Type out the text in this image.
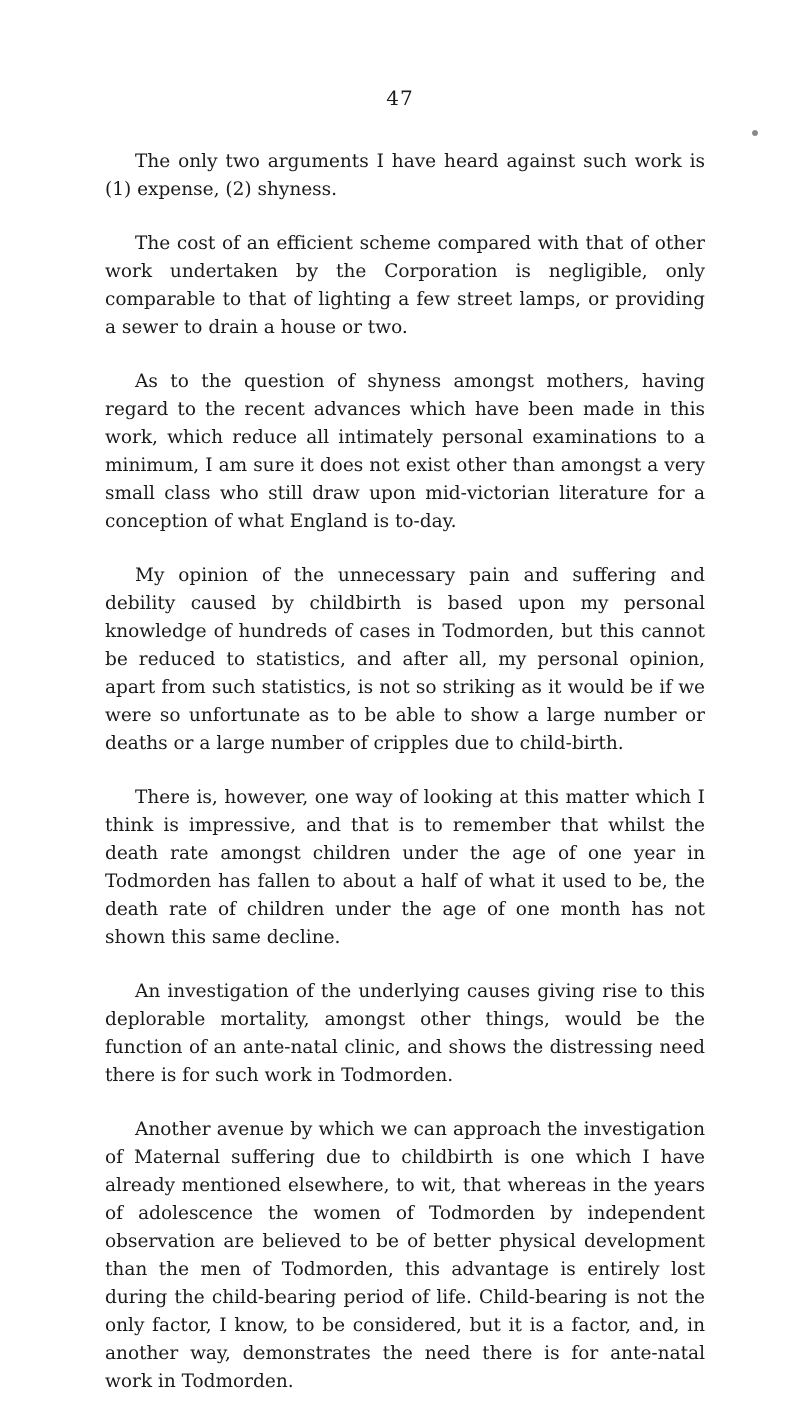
47

The only two arguments I have heard against such work is (1) expense, (2) shyness.

The cost of an efficient scheme compared with that of other work undertaken by the Corporation is negligible, only comparable to that of lighting a few street lamps, or providing a sewer to drain a house or two.

As to the question of shyness amongst mothers, having regard to the recent advances which have been made in this work, which reduce all intimately personal examinations to a minimum, I am sure it does not exist other than amongst a very small class who still draw upon mid-victorian literature for a conception of what England is to-day.

My opinion of the unnecessary pain and suffering and debility caused by childbirth is based upon my personal knowledge of hundreds of cases in Todmorden, but this cannot be reduced to statistics, and after all, my personal opinion, apart from such statistics, is not so striking as it would be if we were so unfortunate as to be able to show a large number or deaths or a large number of cripples due to child-birth.

There is, however, one way of looking at this matter which I think is impressive, and that is to remember that whilst the death rate amongst children under the age of one year in Todmorden has fallen to about a half of what it used to be, the death rate of children under the age of one month has not shown this same decline.

An investigation of the underlying causes giving rise to this deplorable mortality, amongst other things, would be the function of an ante-natal clinic, and shows the distressing need there is for such work in Todmorden.

Another avenue by which we can approach the investigation of Maternal suffering due to childbirth is one which I have already mentioned elsewhere, to wit, that whereas in the years of adolescence the women of Todmorden by independent observation are believed to be of better physical development than the men of Todmorden, this advantage is entirely lost during the child-bearing period of life. Child-bearing is not the only factor, I know, to be considered, but it is a factor, and, in another way, demonstrates the need there is for ante-natal work in Todmorden.
